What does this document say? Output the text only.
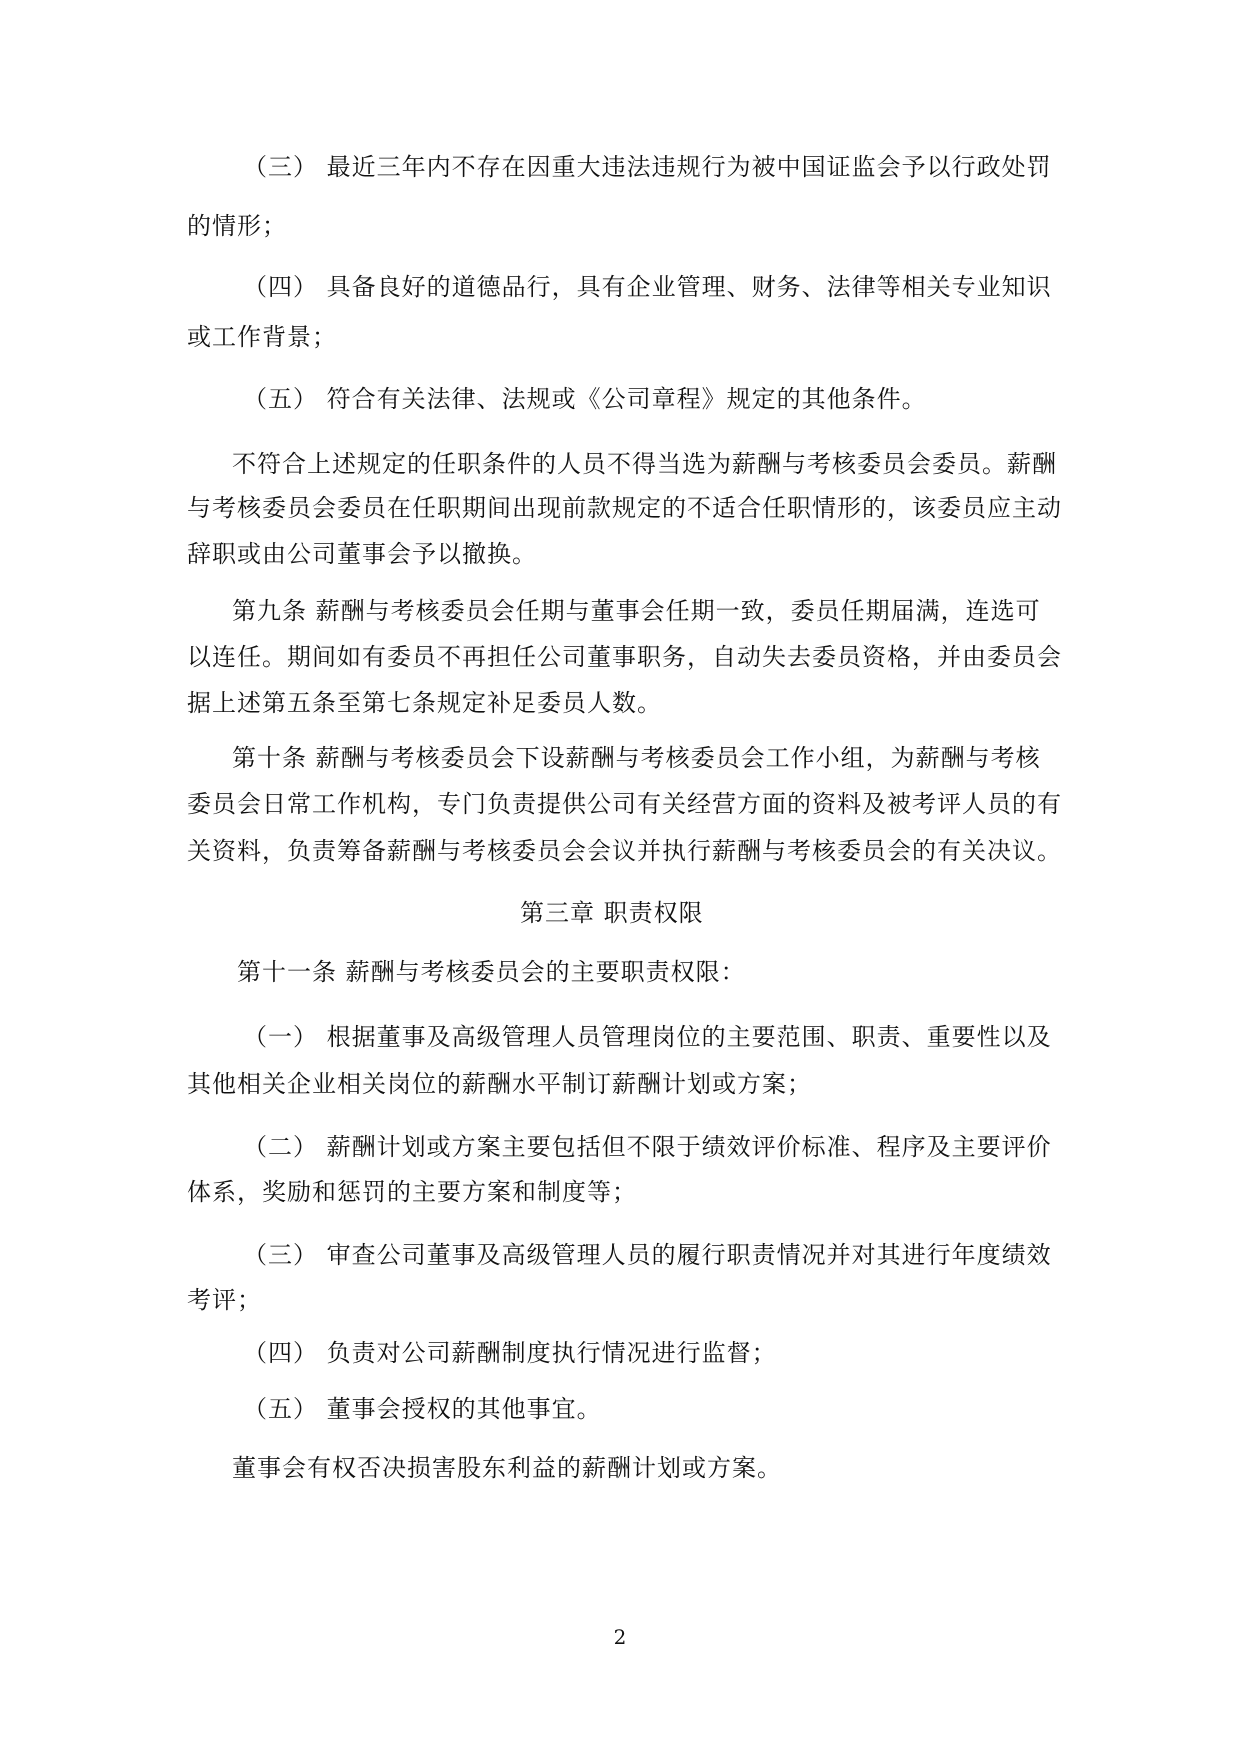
（三） 最近三年内不存在因重大违法违规行为被中国证监会予以行政处罚
的情形；
（四） 具备良好的道德品行，具有企业管理、财务、法律等相关专业知识
或工作背景；
（五） 符合有关法律、法规或《公司章程》规定的其他条件。
不符合上述规定的任职条件的人员不得当选为薪酬与考核委员会委员。薪酬
与考核委员会委员在任职期间出现前款规定的不适合任职情形的，该委员应主动
辞职或由公司董事会予以撤换。
第九条 薪酬与考核委员会任期与董事会任期一致，委员任期届满，连选可
以连任。期间如有委员不再担任公司董事职务，自动失去委员资格，并由委员会
据上述第五条至第七条规定补足委员人数。
第十条 薪酬与考核委员会下设薪酬与考核委员会工作小组，为薪酬与考核
委员会日常工作机构，专门负责提供公司有关经营方面的资料及被考评人员的有
关资料，负责筹备薪酬与考核委员会会议并执行薪酬与考核委员会的有关决议。
第三章 职责权限
第十一条 薪酬与考核委员会的主要职责权限：
（一） 根据董事及高级管理人员管理岗位的主要范围、职责、重要性以及
其他相关企业相关岗位的薪酬水平制订薪酬计划或方案；
（二） 薪酬计划或方案主要包括但不限于绩效评价标准、程序及主要评价
体系，奖励和惩罚的主要方案和制度等；
（三） 审查公司董事及高级管理人员的履行职责情况并对其进行年度绩效
考评；
（四） 负责对公司薪酬制度执行情况进行监督；
（五） 董事会授权的其他事宜。
董事会有权否决损害股东利益的薪酬计划或方案。
2
